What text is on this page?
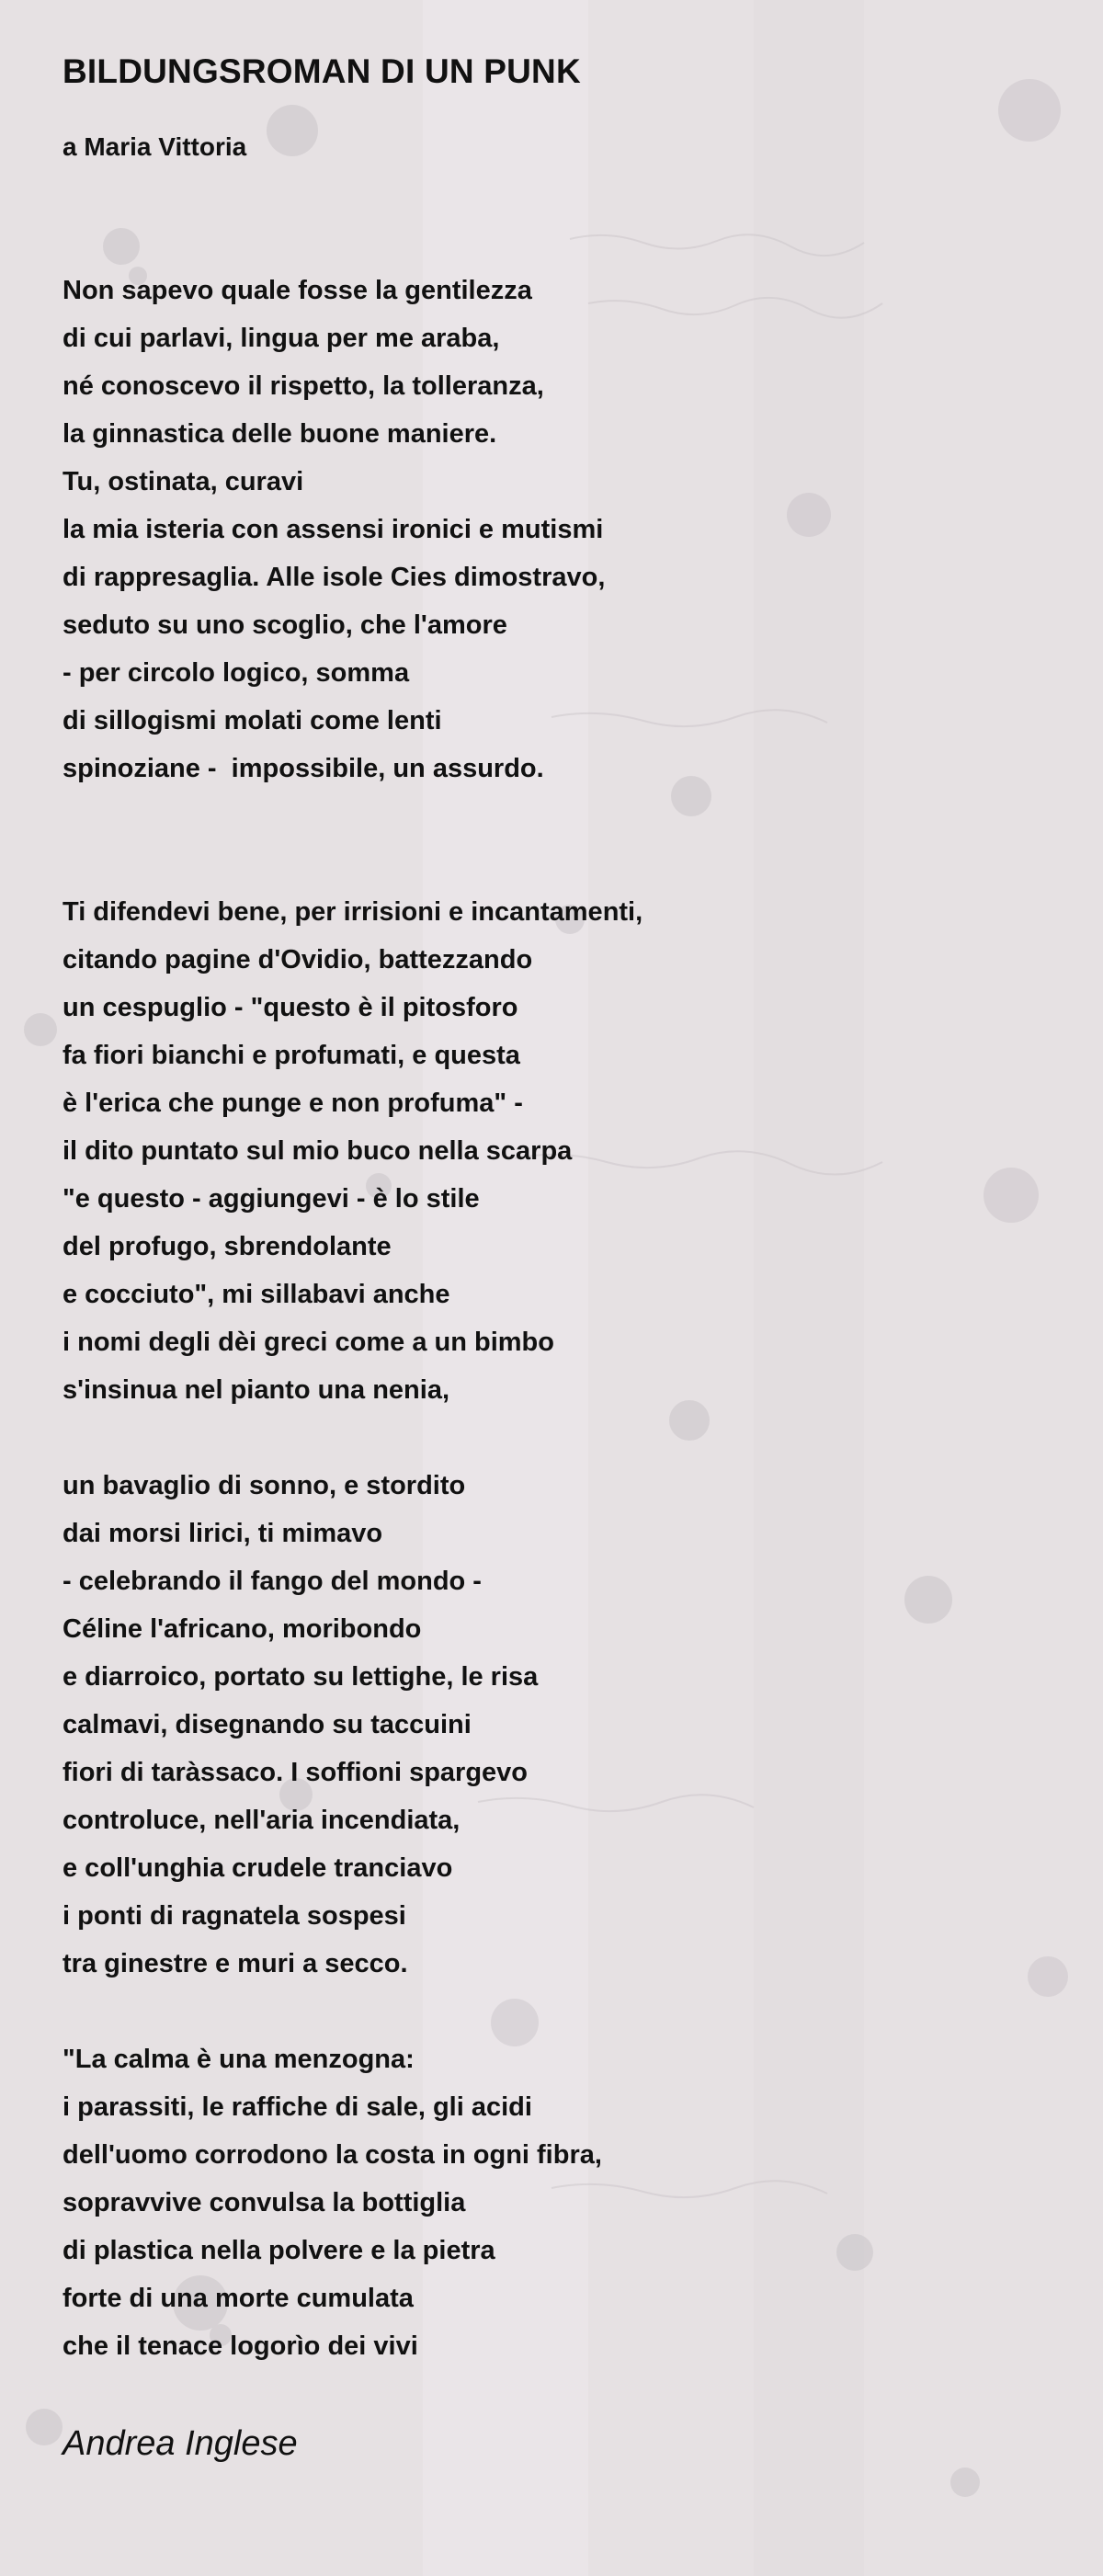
BILDUNGSROMAN DI UN PUNK
a Maria Vittoria
Non sapevo quale fosse la gentilezza
di cui parlavi, lingua per me araba,
né conoscevo il rispetto, la tolleranza,
la ginnastica delle buone maniere.
Tu, ostinata, curavi
la mia isteria con assensi ironici e mutismi
di rappresaglia. Alle isole Cies dimostravo,
seduto su uno scoglio, che l'amore
- per circolo logico, somma
di sillogismi molati come lenti
spinoziane -  impossibile, un assurdo.
Ti difendevi bene, per irrisioni e incantamenti,
citando pagine d'Ovidio, battezzando
un cespuglio - "questo è il pitosforo
fa fiori bianchi e profumati, e questa
è l'erica che punge e non profuma" -
il dito puntato sul mio buco nella scarpa
"e questo - aggiungevi - è lo stile
del profugo, sbrendolante
e cocciuto", mi sillabavi anche
i nomi degli dèi greci come a un bimbo
s'insinua nel pianto una nenia,
un bavaglio di sonno, e stordito
dai morsi lirici, ti mimavo
- celebrando il fango del mondo -
Céline l'africano, moribondo
e diarroico, portato su lettighe, le risa
calmavi, disegnando su taccuini
fiori di taràssaco. I soffioni spargevo
controluce, nell'aria incendiata,
e coll'unghia crudele tranciavo
i ponti di ragnatela sospesi
tra ginestre e muri a secco.
"La calma è una menzogna:
i parassiti, le raffiche di sale, gli acidi
dell'uomo corrodono la costa in ogni fibra,
sopravvive convulsa la bottiglia
di plastica nella polvere e la pietra
forte di una morte cumulata
che il tenace logorìo dei vivi
Andrea Inglese
